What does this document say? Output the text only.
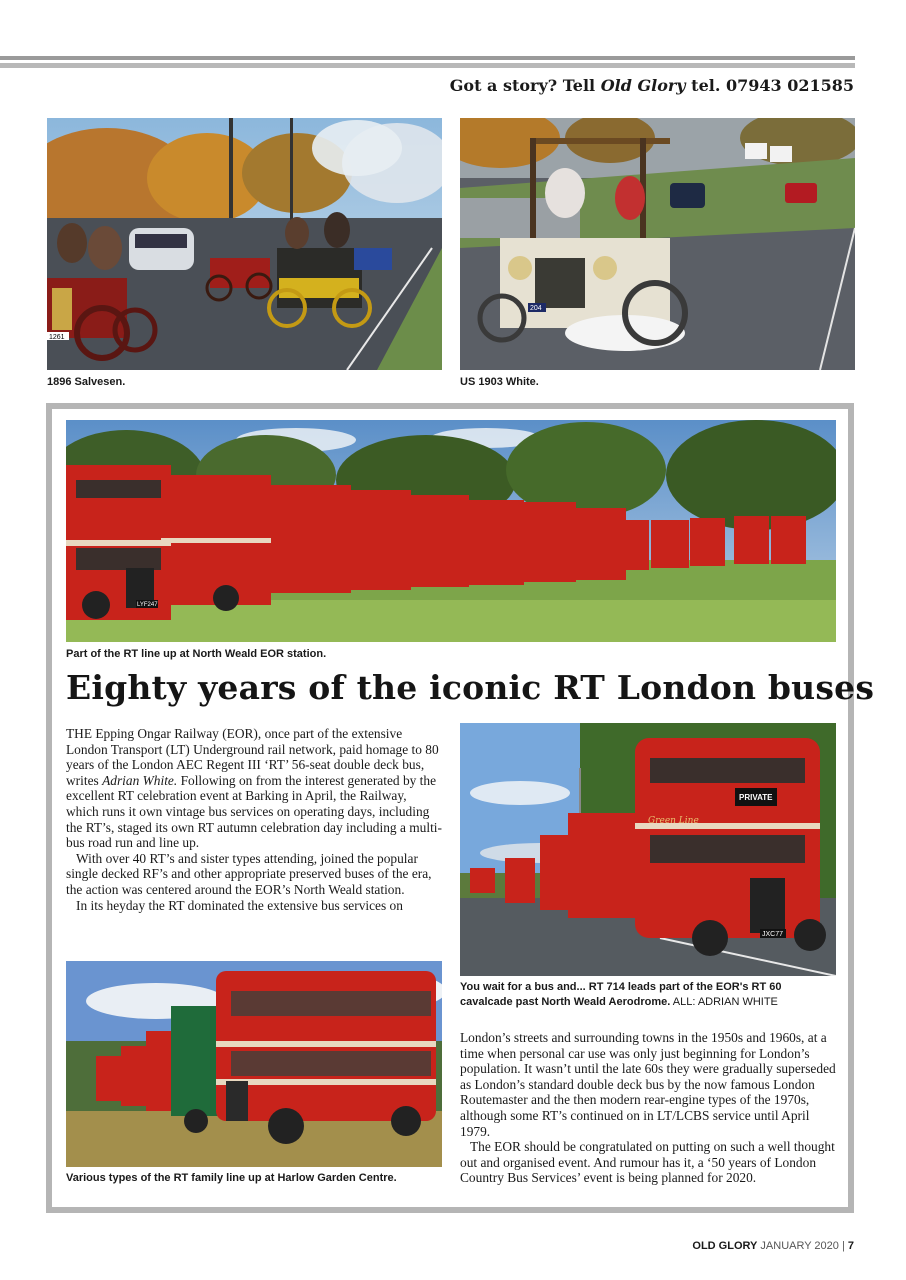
Got a story? Tell Old Glory tel. 07943 021585
1261
1896 Salvesen.
204
US 1903 White.
LYF247
Part of the RT line up at North Weald EOR station.
Eighty years of the iconic RT London buses

THE Epping Ongar Railway (EOR), once part of the extensive London Transport (LT) Underground rail network, paid homage to 80 years of the London AEC Regent III ‘RT’ 56-seat double deck bus, writes Adrian White. Following on from the interest generated by the excellent RT celebration event at Barking in April, the Railway, which runs it own vintage bus services on operating days, including the RT’s, staged its own RT autumn celebration day including a multi-bus road run and line up.

With over 40 RT’s and sister types attending, joined the popular single decked RF’s and other appropriate preserved buses of the era, the action was centered around the EOR’s North Weald station.

In its heyday the RT dominated the extensive bus services on

Various types of the RT family line up at Harlow Garden Centre.
PRIVATE
Green Line
JXC77
You wait for a bus and... RT 714 leads part of the EOR's RT 60 cavalcade past North Weald Aerodrome. ALL: ADRIAN WHITE

London’s streets and surrounding towns in the 1950s and 1960s, at a time when personal car use was only just beginning for London’s population. It wasn’t until the late 60s they were gradually superseded as London’s standard double deck bus by the now famous London Routemaster and the then modern rear-engine types of the 1970s, although some RT’s continued on in LT/LCBS service until April 1979.

The EOR should be congratulated on putting on such a well thought out and organised event. And rumour has it, a ‘50 years of London Country Bus Services’ event is being planned for 2020.

OLD GLORY JANUARY 2020 | 7
